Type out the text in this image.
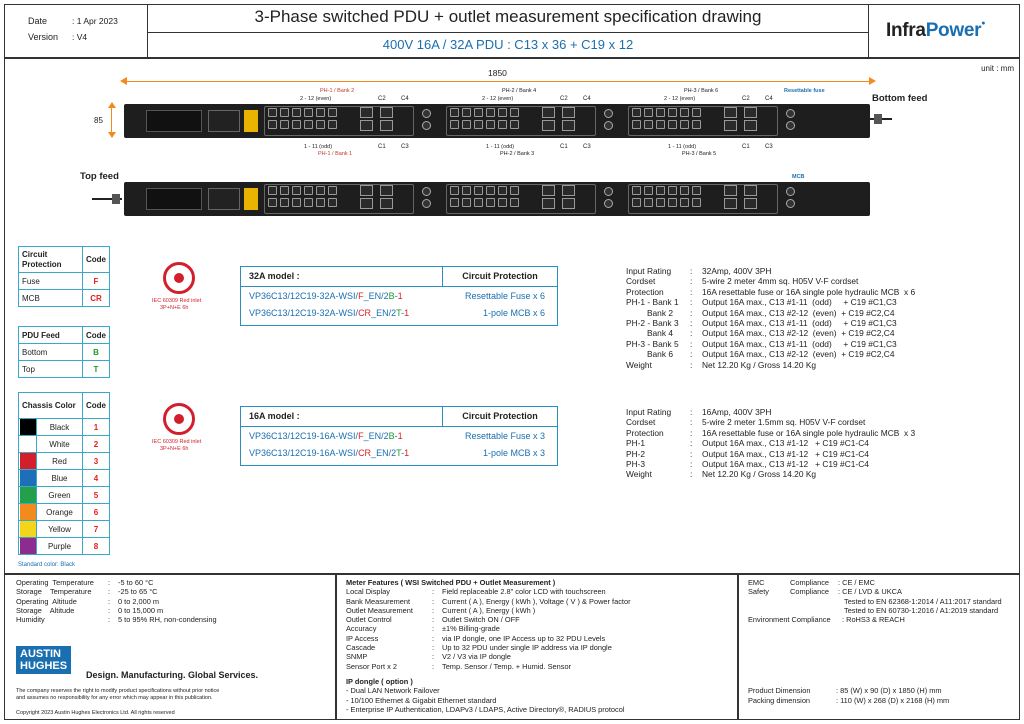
Date	: 1 Apr 2023
Version : V4
3-Phase switched PDU + outlet measurement specification drawing
400V 16A / 32A PDU : C13 x 36 + C19 x 12
InfraPower●
unit : mm
1850
85
PH-1 / Bank 2
2 - 12 (even)	C2	C4
PH-2 / Bank 4
2 - 12 (even)	C2	C4
PH-3 / Bank 6
2 - 12 (even)	C2	C4
Resettable fuse
Bottom feed
1 - 11 (odd)
PH-1 / Bank 1
C1	C3	1 - 11 (odd)
PH-2 / Bank 3
C1	C3	1 - 11 (odd)
PH-3 / Bank 5
C1	C3
Top feed	MCB
Circuit Protection	Code
Fuse	F
MCB	CR
PDU Feed	Code
Bottom	B
Top	T
Chassis Color		Code

	Black	1

	White	2

	Red	3

	Blue	4

	Green	5

	Orange	6

	Yellow	7

	Purple	8
Standard color: Black
IEC 60309 Red inlet
3P+N+E 6h
IEC 60309 Red inlet
3P+N+E 6h
32A model :	Circuit Protection
VP36C13/12C19-32A-WSI/F_EN/2B-1	Resettable Fuse x 6
VP36C13/12C19-32A-WSI/CR_EN/2T-1	1-pole MCB x 6
16A model :	Circuit Protection
VP36C13/12C19-16A-WSI/F_EN/2B-1	Resettable Fuse x 3
VP36C13/12C19-16A-WSI/CR_EN/2T-1	1-pole MCB x 3
Input Rating	:	32Amp, 400V 3PH
Cordset	:	5-wire 2 meter 4mm sq. H05V V-F cordset
Protection	:	16A resettable fuse or 16A single pole hydraulic MCB  x 6
PH-1 - Bank 1	:	Output 16A max., C13 #1-11  (odd)     + C19 #C1,C3
Bank 2	:	Output 16A max., C13 #2-12  (even)  + C19 #C2,C4
PH-2 - Bank 3	:	Output 16A max., C13 #1-11  (odd)     + C19 #C1,C3
Bank 4	:	Output 16A max., C13 #2-12  (even)  + C19 #C2,C4
PH-3 - Bank 5	:	Output 16A max., C13 #1-11  (odd)     + C19 #C1,C3
Bank 6	:	Output 16A max., C13 #2-12  (even)  + C19 #C2,C4
Weight	:	Net 12.20 Kg / Gross 14.20 Kg
Input Rating	:	16Amp, 400V 3PH
Cordset	:	5-wire 2 meter 1.5mm sq. H05V V-F cordset
Protection	:	16A resettable fuse or 16A single pole hydraulic MCB  x 3
PH-1	:	Output 16A max., C13 #1-12   + C19 #C1-C4
PH-2	:	Output 16A max., C13 #1-12   + C19 #C1-C4
PH-3	:	Output 16A max., C13 #1-12   + C19 #C1-C4
Weight	:	Net 12.20 Kg / Gross 14.20 Kg
Operating  Temperature	:	-5 to 60 °C
Storage    Temperature	:	-25 to 65 °C
Operating  Altitude	:	0 to 2,000 m
Storage    Altitude	:	0 to 15,000 m
Humidity	:	5 to 95% RH, non-condensing
AUSTIN
HUGHES
Design. Manufacturing. Global Services.
The company reserves the right to modify product specifications without prior notice
and assumes no responsibility for any error which may appear in this publication.
Copyright 2023 Austin Hughes Electronics Ltd. All rights reserved
Meter Features ( WSI Switched PDU + Outlet Measurement )
Local Display	:	Field replaceable 2.8" color LCD with touchscreen
Bank Measurement	:	Current ( A ), Energy ( kWh ), Voltage ( V ) & Power factor
Outlet Measurement	:	Current ( A ), Energy ( kWh )
Outlet Control	:	Outlet Switch ON / OFF
Accuracy	:	±1% Billing-grade
IP Access	:	via IP dongle, one IP Access up to 32 PDU Levels
Cascade	:	Up to 32 PDU under single IP address via IP dongle
SNMP	:	V2 / V3 via IP dongle
Sensor Port x 2	:	Temp. Sensor / Temp. + Humid. Sensor
IP dongle ( option )
- Dual LAN Network Failover
- 10/100 Ethernet & Gigabit Ethernet standard
- Enterprise IP Authentication, LDAPv3 / LDAPS, Active Directory®, RADIUS protocol
EMC	Compliance	: CE / EMC
Safety	Compliance	: CE / LVD & UKCA
Tested to EN 62368-1:2014 / A11:2017 standard
Tested to EN 60730-1:2016 / A1:2019 standard
Environment Compliance	: RoHS3 & REACH
Product Dimension	: 85 (W) x 90 (D) x 1850 (H) mm
Packing dimension	: 110 (W) x 268 (D) x 2168 (H) mm
